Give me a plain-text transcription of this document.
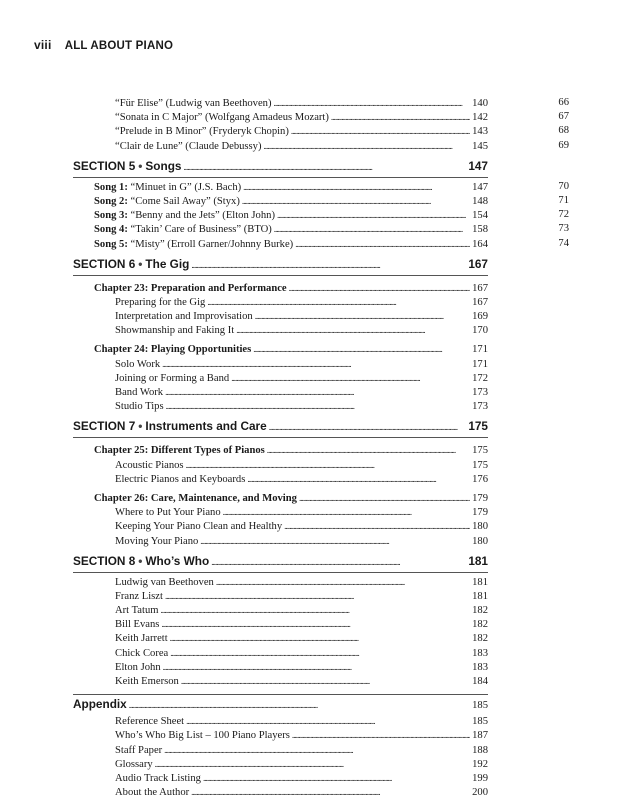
viii ALL ABOUT PIANO
“Für Elise” (Ludwig van Beethoven) . . .	140	66
“Sonata in C Major” (Wolfgang Amadeus Mozart) . . .	142	67
“Prelude in B Minor” (Fryderyk Chopin) . . .	143	68
“Clair de Lune” (Claude Debussy) . . .	145	69
SECTION 5 • Songs . . .	147
Song 1: “Minuet in G” (J.S. Bach) . . .	147	70
Song 2: “Come Sail Away” (Styx) . . .	148	71
Song 3: “Benny and the Jets” (Elton John) . . .	154	72
Song 4: “Takin’ Care of Business” (BTO) . . .	158	73
Song 5: “Misty” (Erroll Garner/Johnny Burke) . . .	164	74
SECTION 6 • The Gig . . .	167
Chapter 23: Preparation and Performance . . .	167
Preparing for the Gig . . .	167
Interpretation and Improvisation . . .	169
Showmanship and Faking It . . .	170
Chapter 24: Playing Opportunities . . .	171
Solo Work . . .	171
Joining or Forming a Band . . .	172
Band Work . . .	173
Studio Tips . . .	173
SECTION 7 • Instruments and Care . . .	175
Chapter 25: Different Types of Pianos . . .	175
Acoustic Pianos . . .	175
Electric Pianos and Keyboards . . .	176
Chapter 26: Care, Maintenance, and Moving . . .	179
Where to Put Your Piano . . .	179
Keeping Your Piano Clean and Healthy . . .	180
Moving Your Piano . . .	180
SECTION 8 • Who’s Who . . .	181
Ludwig van Beethoven . . .	181
Franz Liszt . . .	181
Art Tatum . . .	182
Bill Evans . . .	182
Keith Jarrett . . .	182
Chick Corea . . .	183
Elton John . . .	183
Keith Emerson . . .	184
Appendix . . .	185
Reference Sheet . . .	185
Who’s Who Big List – 100 Piano Players . . .	187
Staff Paper . . .	188
Glossary . . .	192
Audio Track Listing . . .	199
About the Author . . .	200
